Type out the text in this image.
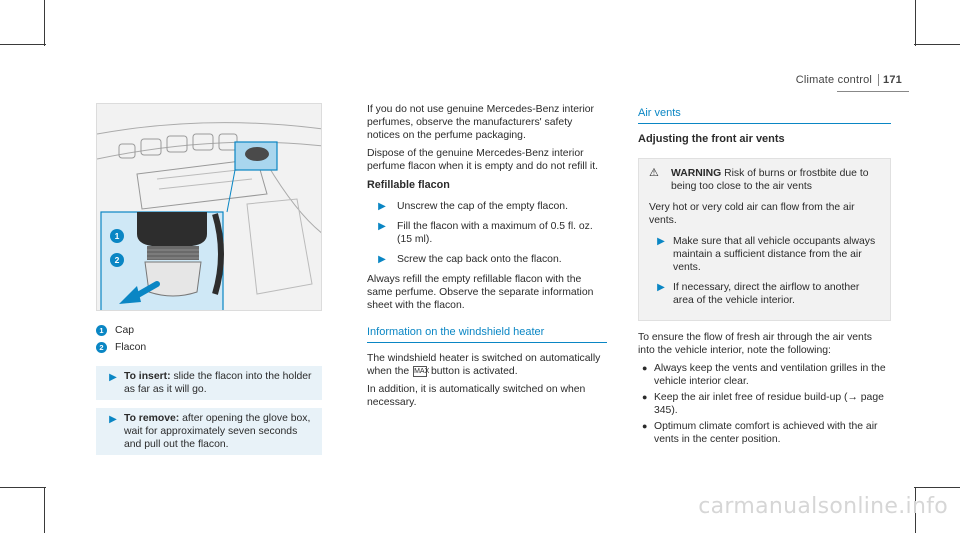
Climate control 171
1
2
1	Cap
2	Flacon
▶ To insert: slide the flacon into the holder as far as it will go.
▶ To remove: after opening the glove box, wait for approximately seven seconds and pull out the flacon.

If you do not use genuine Mercedes-Benz interior perfumes, observe the manufacturers' safety notices on the perfume packaging.

Dispose of the genuine Mercedes-Benz interior perfume flacon when it is empty and do not refill it.

Refillable flacon
▶	Unscrew the cap of the empty flacon.
▶	Fill the flacon with a maximum of 0.5 fl. oz. (15 ml).
▶	Screw the cap back onto the flacon.

Always refill the empty refillable flacon with the same perfume. Observe the separate information sheet with the flacon.

Information on the windshield heater

The windshield heater is switched on automatically when the MAX button is activated.

In addition, it is automatically switched on when necessary.

Air vents
Adjusting the front air vents
⚠	WARNING Risk of burns or frostbite due to being too close to the air vents

Very hot or very cold air can flow from the air vents.

▶ Make sure that all vehicle occupants always maintain a sufficient distance from the air vents.
▶ If necessary, direct the airflow to another area of the vehicle interior.

To ensure the flow of fresh air through the air vents into the vehicle interior, note the following:

● Always keep the vents and ventilation grilles in the vehicle interior clear.
● Keep the air inlet free of residue build-up (→ page 345).
● Optimum climate comfort is achieved with the air vents in the center position.
carmanualsonline.info
